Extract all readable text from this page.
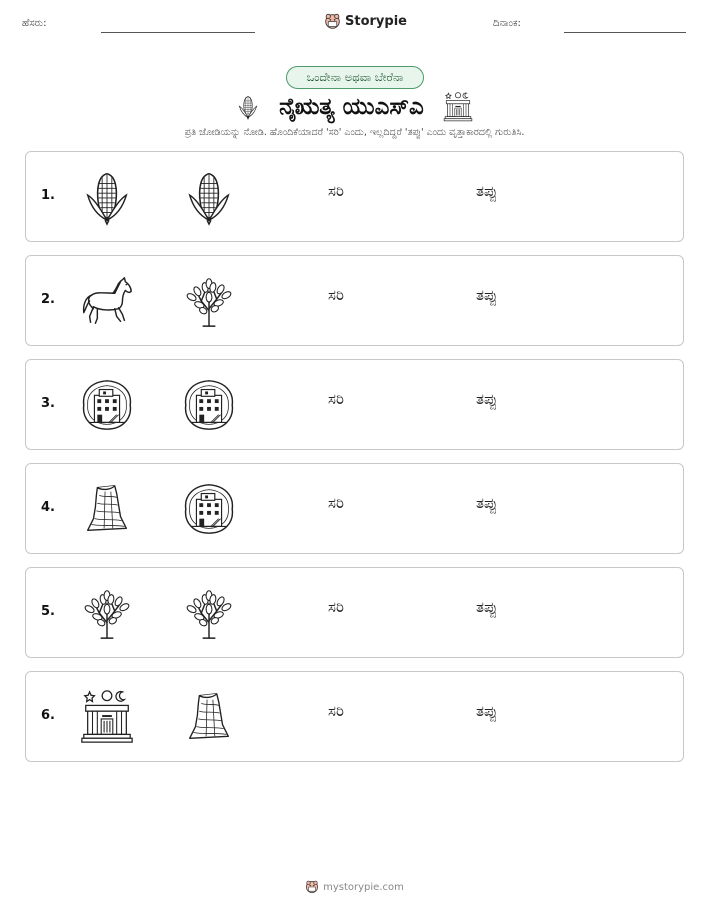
ಹೆಸರು:	Storypie	ದಿನಾಂಕ:
ಒಂದೇನಾ ಅಥವಾ ಬೇರೆನಾ
ನೈಋತ್ಯ ಯುಎಸ್ಎ
ಪ್ರತಿ ಜೋಡಿಯನ್ನು ನೋಡಿ. ಹೊಂದಿಕೆಯಾದರೆ 'ಸರಿ' ಎಂದು, ಇಲ್ಲದಿದ್ದರೆ 'ತಪ್ಪು' ಎಂದು ವೃತ್ತಾಕಾರದಲ್ಲಿ ಗುರುತಿಸಿ.
1.	ಸರಿ	ತಪ್ಪು
2.	ಸರಿ	ತಪ್ಪು
3.	ಸರಿ	ತಪ್ಪು
4.	ಸರಿ	ತಪ್ಪು
5.	ಸರಿ	ತಪ್ಪು
6.	ಸರಿ	ತಪ್ಪು
mystorypie.com
